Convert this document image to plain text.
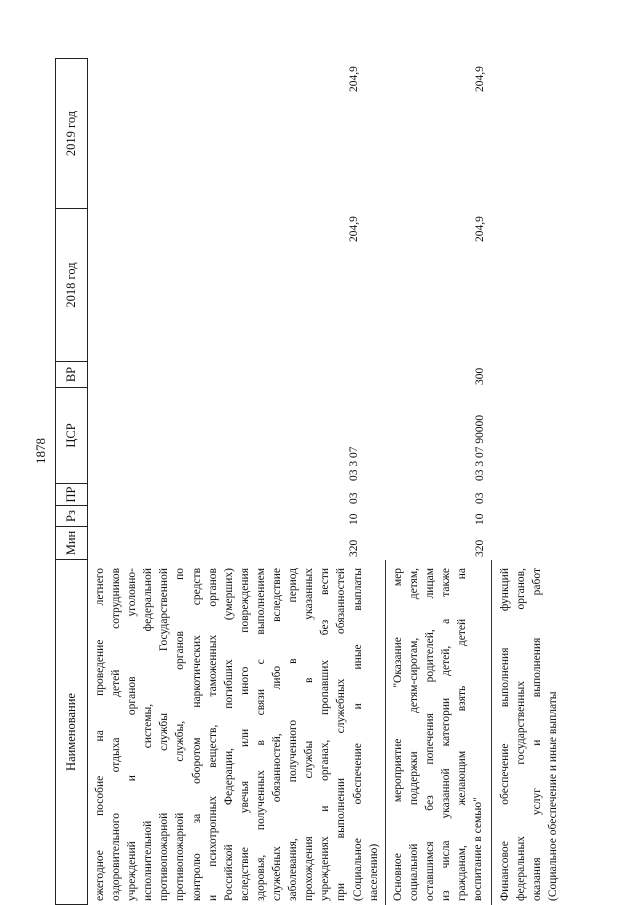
1878
Наименование
Мин
Рз
ПР
ЦСР
ВР
2018 год
2019 год
ежегодное пособие на проведение летнего оздоровительного отдыха детей сотрудников учреждений и органов уголовно- исполнительной системы, федеральной противопожарной службы Государственной противопожарной службы, органов по контролю за оборотом наркотических средств и психотропных веществ, таможенных органов Российской Федерации, погибших (умерших) вследствие увечья или иного повреждения здоровья, полученных в связи с выполнением служебных обязанностей, либо вследствие заболевания, полученного в период прохождения службы в указанных учреждениях и органах, пропавших без вести при выполнении служебных обязанностей (Социальное обеспечение и иные выплаты населению)
320
10
03
03 3 07
204,9
204,9
Основное мероприятие "Оказание мер социальной поддержки детям-сиротам, детям, оставшимся без попечения родителей, лицам из числа указанной категории детей, а также гражданам, желающим взять детей на воспитание в семью"
320
10
03
03 3 07 90000
300
204,9
204,9
Финансовое обеспечение выполнения функций федеральных государственных органов, оказания услуг и выполнения работ (Социальное обеспечение и иные выплаты
